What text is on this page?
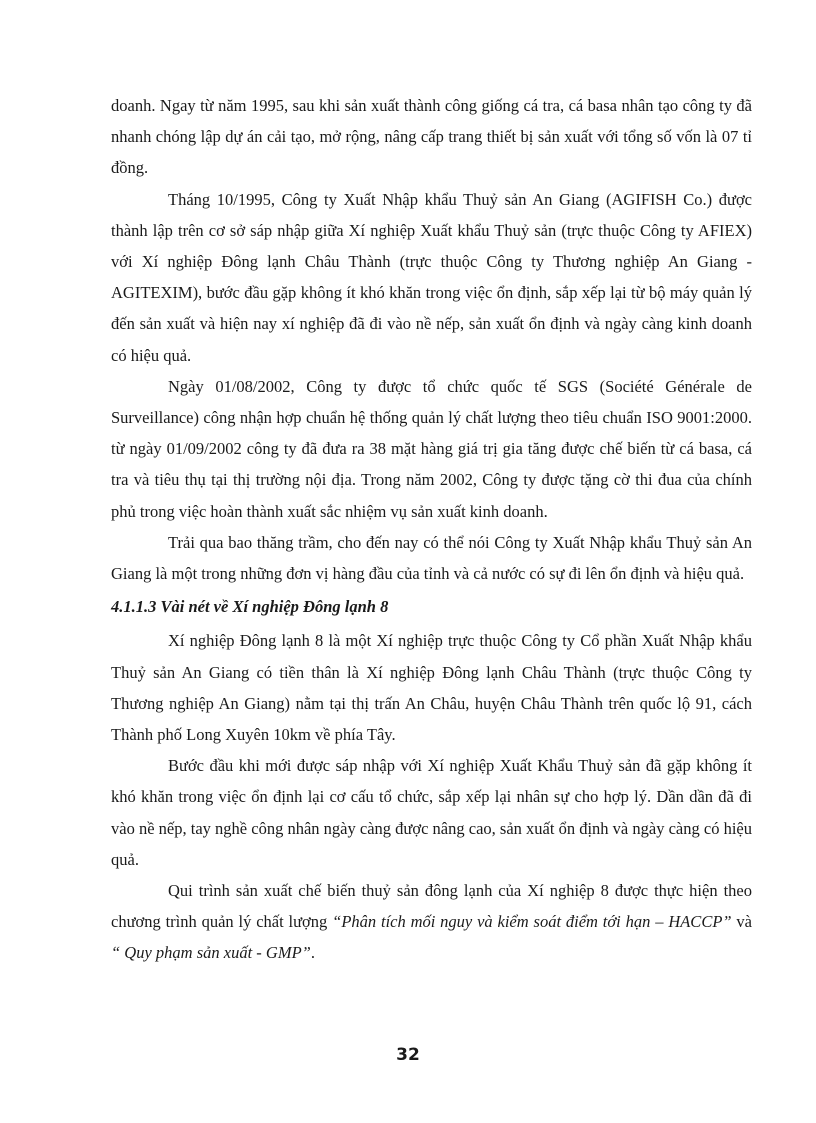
doanh. Ngay từ năm 1995, sau khi sản xuất thành công giống cá tra, cá basa nhân tạo công ty đã nhanh chóng lập dự án cải tạo, mở rộng, nâng cấp trang thiết bị sản xuất với tổng số vốn là 07 tỉ đồng.

Tháng 10/1995, Công ty Xuất Nhập khẩu Thuỷ sản An Giang (AGIFISH Co.) được thành lập trên cơ sở sáp nhập giữa Xí nghiệp Xuất khẩu Thuỷ sản (trực thuộc Công ty AFIEX) với Xí nghiệp Đông lạnh Châu Thành (trực thuộc Công ty Thương nghiệp An Giang - AGITEXIM), bước đầu gặp không ít khó khăn trong việc ổn định, sắp xếp lại từ bộ máy quản lý đến sản xuất và hiện nay xí nghiệp đã đi vào nề nếp, sản xuất ổn định và ngày càng kinh doanh có hiệu quả.

Ngày 01/08/2002, Công ty được tổ chức quốc tế SGS (Société Générale de Surveillance) công nhận hợp chuẩn hệ thống quản lý chất lượng theo tiêu chuẩn ISO 9001:2000. từ ngày 01/09/2002 công ty đã đưa ra 38 mặt hàng giá trị gia tăng được chế biến từ cá basa, cá tra và tiêu thụ tại thị trường nội địa. Trong năm 2002, Công ty được tặng cờ thi đua của chính phủ trong việc hoàn thành xuất sắc nhiệm vụ sản xuất kinh doanh.

Trải qua bao thăng trầm, cho đến nay có thể nói Công ty Xuất Nhập khẩu Thuỷ sản An Giang là một trong những đơn vị hàng đầu của tỉnh và cả nước có sự đi lên ổn định và hiệu quả.

4.1.1.3 Vài nét về Xí nghiệp Đông lạnh 8

Xí nghiệp Đông lạnh 8 là một Xí nghiệp trực thuộc Công ty Cổ phần Xuất Nhập khẩu Thuỷ sản An Giang có tiền thân là Xí nghiệp Đông lạnh Châu Thành (trực thuộc Công ty Thương nghiệp An Giang) nằm tại thị trấn An Châu, huyện Châu Thành trên quốc lộ 91, cách Thành phố Long Xuyên 10km về phía Tây.

Bước đầu khi mới được sáp nhập với Xí nghiệp Xuất Khẩu Thuỷ sản đã gặp không ít khó khăn trong việc ổn định lại cơ cấu tổ chức, sắp xếp lại nhân sự cho hợp lý. Dần dần đã đi vào nề nếp, tay nghề công nhân ngày càng được nâng cao, sản xuất ổn định và ngày càng có hiệu quả.

Qui trình sản xuất chế biến thuỷ sản đông lạnh của Xí nghiệp 8 được thực hiện theo chương trình quản lý chất lượng “Phân tích mối nguy và kiểm soát điểm tới hạn – HACCP” và “ Quy phạm sản xuất - GMP”.

32
